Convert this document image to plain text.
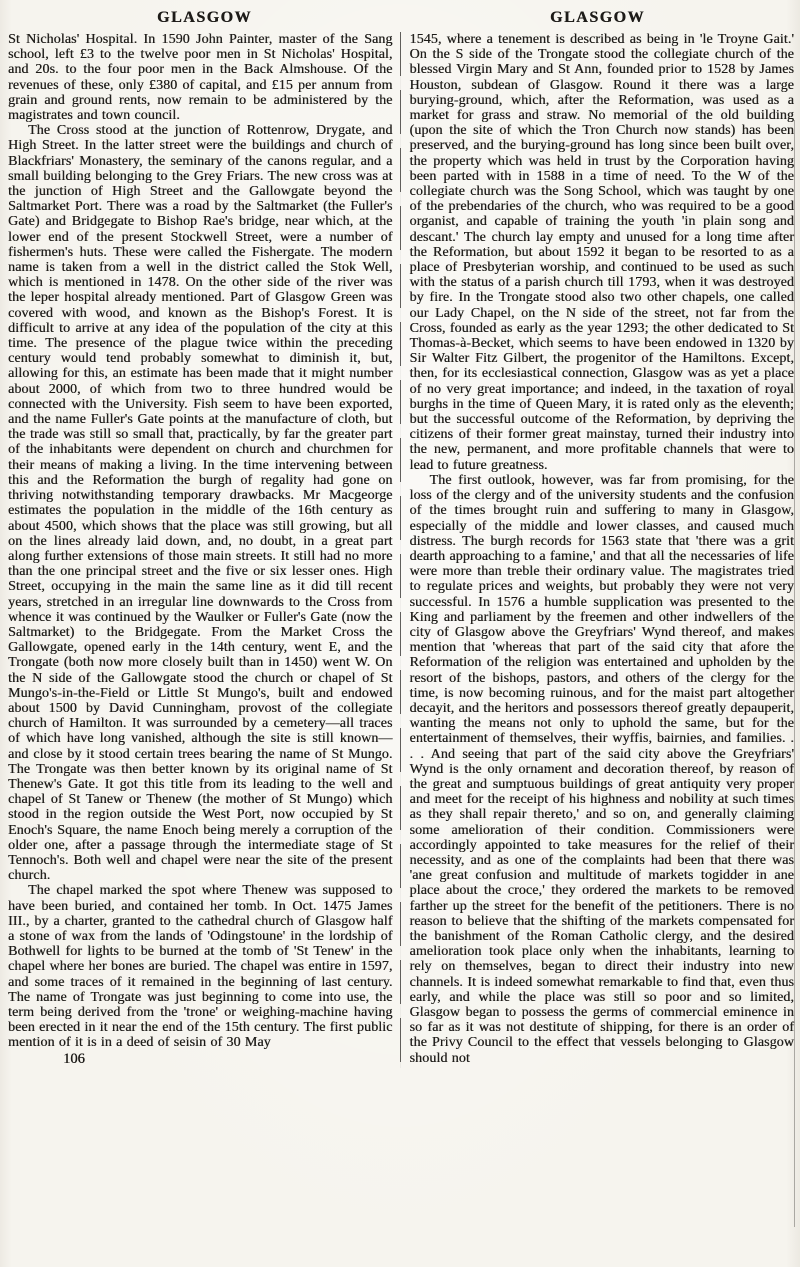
GLASGOW	GLASGOW

St Nicholas' Hospital. In 1590 John Painter, master of the Sang school, left £3 to the twelve poor men in St Nicholas' Hospital, and 20s. to the four poor men in the Back Almshouse. Of the revenues of these, only £380 of capital, and £15 per annum from grain and ground rents, now remain to be administered by the magistrates and town council.

The Cross stood at the junction of Rottenrow, Drygate, and High Street. In the latter street were the buildings and church of Blackfriars' Monastery, the seminary of the canons regular, and a small building belonging to the Grey Friars. The new cross was at the junction of High Street and the Gallowgate beyond the Saltmarket Port. There was a road by the Saltmarket (the Fuller's Gate) and Bridgegate to Bishop Rae's bridge, near which, at the lower end of the present Stockwell Street, were a number of fishermen's huts. These were called the Fishergate. The modern name is taken from a well in the district called the Stok Well, which is mentioned in 1478. On the other side of the river was the leper hospital already mentioned. Part of Glasgow Green was covered with wood, and known as the Bishop's Forest. It is difficult to arrive at any idea of the population of the city at this time. The presence of the plague twice within the preceding century would tend probably somewhat to diminish it, but, allowing for this, an estimate has been made that it might number about 2000, of which from two to three hundred would be connected with the University. Fish seem to have been exported, and the name Fuller's Gate points at the manufacture of cloth, but the trade was still so small that, practically, by far the greater part of the inhabitants were dependent on church and churchmen for their means of making a living. In the time intervening between this and the Reformation the burgh of regality had gone on thriving notwithstanding temporary drawbacks. Mr Macgeorge estimates the population in the middle of the 16th century as about 4500, which shows that the place was still growing, but all on the lines already laid down, and, no doubt, in a great part along further extensions of those main streets. It still had no more than the one principal street and the five or six lesser ones. High Street, occupying in the main the same line as it did till recent years, stretched in an irregular line downwards to the Cross from whence it was continued by the Waulker or Fuller's Gate (now the Saltmarket) to the Bridgegate. From the Market Cross the Gallowgate, opened early in the 14th century, went E, and the Trongate (both now more closely built than in 1450) went W. On the N side of the Gallowgate stood the church or chapel of St Mungo's-in-the-Field or Little St Mungo's, built and endowed about 1500 by David Cunningham, provost of the collegiate church of Hamilton. It was surrounded by a cemetery—all traces of which have long vanished, although the site is still known—and close by it stood certain trees bearing the name of St Mungo. The Trongate was then better known by its original name of St Thenew's Gate. It got this title from its leading to the well and chapel of St Tanew or Thenew (the mother of St Mungo) which stood in the region outside the West Port, now occupied by St Enoch's Square, the name Enoch being merely a corruption of the older one, after a passage through the intermediate stage of St Tennoch's. Both well and chapel were near the site of the present church.

The chapel marked the spot where Thenew was supposed to have been buried, and contained her tomb. In Oct. 1475 James III., by a charter, granted to the cathedral church of Glasgow half a stone of wax from the lands of 'Odingstoune' in the lordship of Bothwell for lights to be burned at the tomb of 'St Tenew' in the chapel where her bones are buried. The chapel was entire in 1597, and some traces of it remained in the beginning of last century. The name of Trongate was just beginning to come into use, the term being derived from the 'trone' or weighing-machine having been erected in it near the end of the 15th century. The first public mention of it is in a deed of seisin of 30 May

106

1545, where a tenement is described as being in 'le Troyne Gait.' On the S side of the Trongate stood the collegiate church of the blessed Virgin Mary and St Ann, founded prior to 1528 by James Houston, subdean of Glasgow. Round it there was a large burying-ground, which, after the Reformation, was used as a market for grass and straw. No memorial of the old building (upon the site of which the Tron Church now stands) has been preserved, and the burying-ground has long since been built over, the property which was held in trust by the Corporation having been parted with in 1588 in a time of need. To the W of the collegiate church was the Song School, which was taught by one of the prebendaries of the church, who was required to be a good organist, and capable of training the youth 'in plain song and descant.' The church lay empty and unused for a long time after the Reformation, but about 1592 it began to be resorted to as a place of Presbyterian worship, and continued to be used as such with the status of a parish church till 1793, when it was destroyed by fire. In the Trongate stood also two other chapels, one called our Lady Chapel, on the N side of the street, not far from the Cross, founded as early as the year 1293; the other dedicated to St Thomas-à-Becket, which seems to have been endowed in 1320 by Sir Walter Fitz Gilbert, the progenitor of the Hamiltons. Except, then, for its ecclesiastical connection, Glasgow was as yet a place of no very great importance; and indeed, in the taxation of royal burghs in the time of Queen Mary, it is rated only as the eleventh; but the successful outcome of the Reformation, by depriving the citizens of their former great mainstay, turned their industry into the new, permanent, and more profitable channels that were to lead to future greatness.

The first outlook, however, was far from promising, for the loss of the clergy and of the university students and the confusion of the times brought ruin and suffering to many in Glasgow, especially of the middle and lower classes, and caused much distress. The burgh records for 1563 state that 'there was a grit dearth approaching to a famine,' and that all the necessaries of life were more than treble their ordinary value. The magistrates tried to regulate prices and weights, but probably they were not very successful. In 1576 a humble supplication was presented to the King and parliament by the freemen and other indwellers of the city of Glasgow above the Greyfriars' Wynd thereof, and makes mention that 'whereas that part of the said city that afore the Reformation of the religion was entertained and upholden by the resort of the bishops, pastors, and others of the clergy for the time, is now becoming ruinous, and for the maist part altogether decayit, and the heritors and possessors thereof greatly depauperit, wanting the means not only to uphold the same, but for the entertainment of themselves, their wyffis, bairnies, and families. . . . And seeing that part of the said city above the Greyfriars' Wynd is the only ornament and decoration thereof, by reason of the great and sumptuous buildings of great antiquity very proper and meet for the receipt of his highness and nobility at such times as they shall repair thereto,' and so on, and generally claiming some amelioration of their condition. Commissioners were accordingly appointed to take measures for the relief of their necessity, and as one of the complaints had been that there was 'ane great confusion and multitude of markets togidder in ane place about the croce,' they ordered the markets to be removed farther up the street for the benefit of the petitioners. There is no reason to believe that the shifting of the markets compensated for the banishment of the Roman Catholic clergy, and the desired amelioration took place only when the inhabitants, learning to rely on themselves, began to direct their industry into new channels. It is indeed somewhat remarkable to find that, even thus early, and while the place was still so poor and so limited, Glasgow began to possess the germs of commercial eminence in so far as it was not destitute of shipping, for there is an order of the Privy Council to the effect that vessels belonging to Glasgow should not
